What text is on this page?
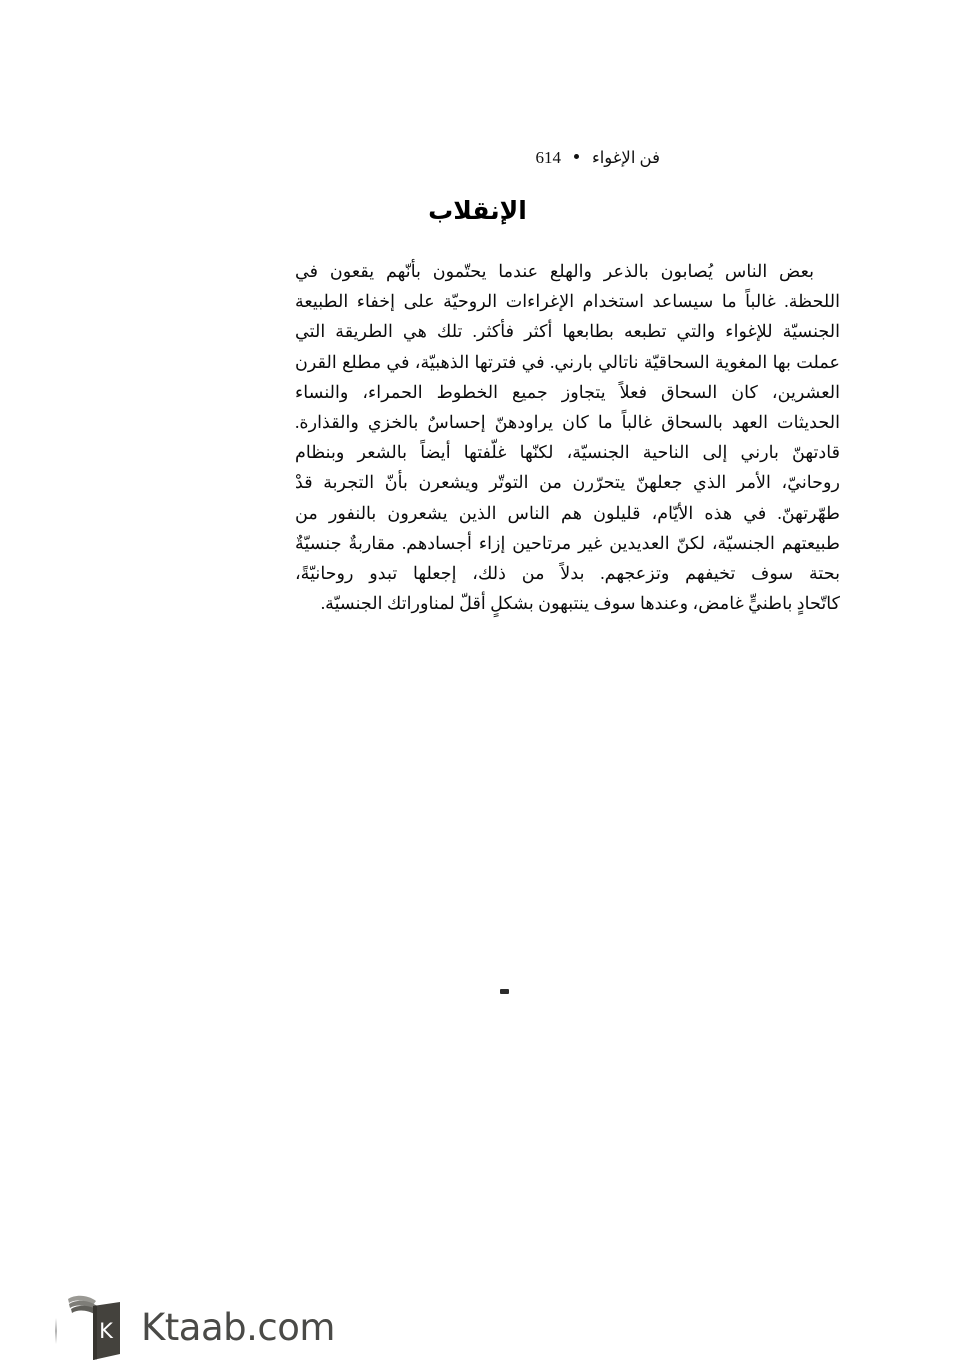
فن الإغواء
614
الإنقلاب

بعض الناس يُصابون بالذعر والهلع عندما يحتّمون بأنّهم يقعون في

اللحظة. غالباً ما سيساعد استخدام الإغراءات الروحيّة على إخفاء الطبيعة

الجنسيّة للإغواء والتي تطبعه بطابعها أكثر فأكثر. تلك هي الطريقة التي

عملت بها المغوية السحاقيّة ناتالي بارني. في فترتها الذهبيّة، في مطلع القرن

العشرين، كان السحاق فعلاً يتجاوز جميع الخطوط الحمراء، والنساء

الحديثات العهد بالسحاق غالباً ما كان يراودهنّ إحساسٌ بالخزي والقذارة.

قادتهنّ بارني إلى الناحية الجنسيّة، لكنّها غلّفتها أيضاً بالشعر وبنظام

روحانيّ، الأمر الذي جعلهنّ يتحرّرن من التوتّر ويشعرن بأنّ التجربة قدْ

طهّرتهنّ. في هذه الأيّام، قليلون هم الناس الذين يشعرون بالنفور من

طبيعتهم الجنسيّة، لكنّ العديدين غير مرتاحين إزاء أجسادهم. مقاربةٌ جنسيّةٌ

بحتة سوف تخيفهم وتزعجهم. بدلاً من ذلك، إجعلها تبدو روحانيّةً،

كاتّحادٍ باطنيٍّ غامض، وعندها سوف ينتبهون بشكلٍ أقلّ لمناوراتك الجنسيّة.

K Ktaab.com
